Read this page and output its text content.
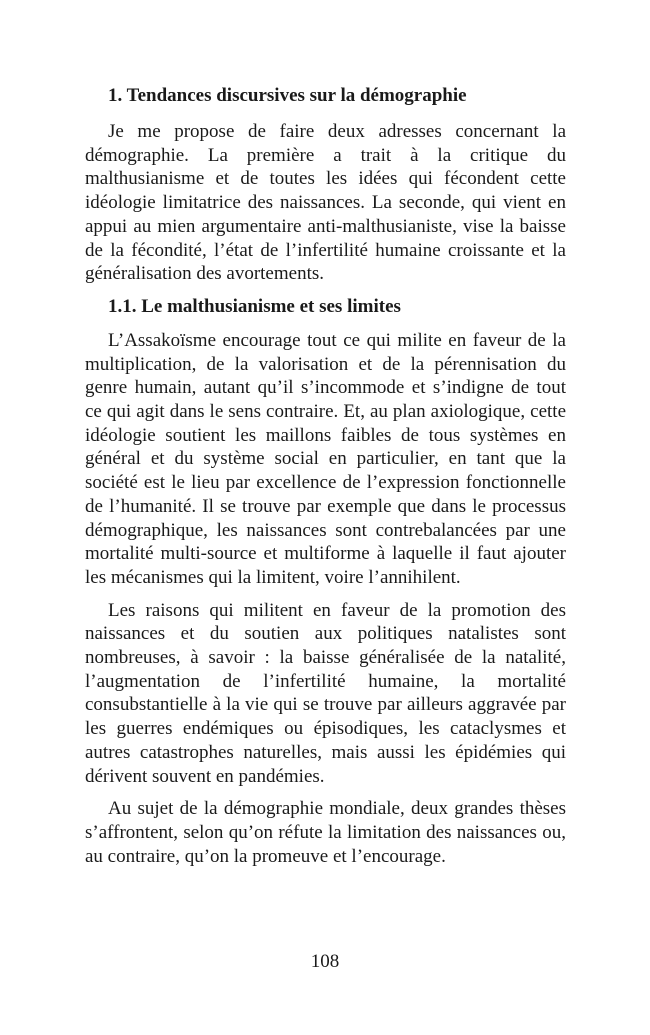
1. Tendances discursives sur la démographie

Je me propose de faire deux adresses concernant la démographie. La première a trait à la critique du malthusianisme et de toutes les idées qui fécondent cette idéologie limitatrice des naissances. La seconde, qui vient en appui au mien argumentaire anti-malthusianiste, vise la baisse de la fécondité, l’état de l’infertilité humaine croissante et la généralisation des avortements.

1.1. Le malthusianisme et ses limites

L’Assakoïsme encourage tout ce qui milite en faveur de la multiplication, de la valorisation et de la pérennisation du genre humain, autant qu’il s’incommode et s’indigne de tout ce qui agit dans le sens contraire. Et, au plan axiologique, cette idéologie soutient les maillons faibles de tous systèmes en général et du système social en particulier, en tant que la société est le lieu par excellence de l’expression fonctionnelle de l’humanité. Il se trouve par exemple que dans le processus démographique, les naissances sont contrebalancées par une mortalité multi-source et multiforme à laquelle il faut ajouter les mécanismes qui la limitent, voire l’annihilent.

Les raisons qui militent en faveur de la promotion des naissances et du soutien aux politiques natalistes sont nombreuses, à savoir : la baisse généralisée de la natalité, l’augmentation de l’infertilité humaine, la mortalité consubstantielle à la vie qui se trouve par ailleurs aggravée par les guerres endémiques ou épisodiques, les cataclysmes et autres catastrophes naturelles, mais aussi les épidémies qui dérivent souvent en pandémies.

Au sujet de la démographie mondiale, deux grandes thèses s’affrontent, selon qu’on réfute la limitation des naissances ou, au contraire, qu’on la promeuve et l’encourage.

108
